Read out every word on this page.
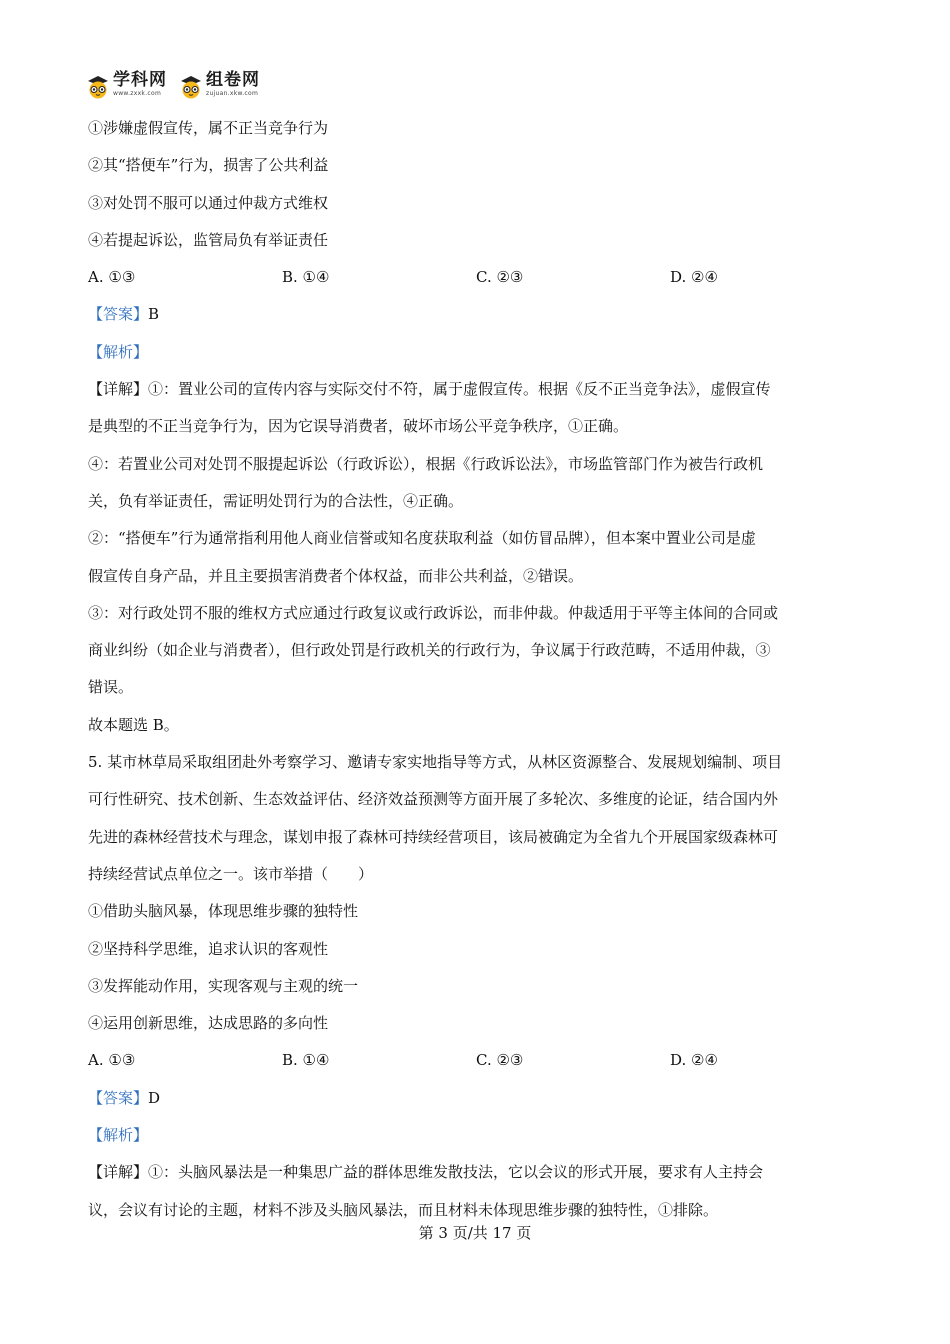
学科网
www.zxxk.com
组卷网
zujuan.xkw.com
①涉嫌虚假宣传，属不正当竞争行为
②其“搭便车”行为，损害了公共利益
③对处罚不服可以通过仲裁方式维权
④若提起诉讼，监管局负有举证责任
A. ①③	B. ①④	C. ②③	D. ②④
【答案】B
【解析】
【详解】①：置业公司的宣传内容与实际交付不符，属于虚假宣传。根据《反不正当竞争法》，虚假宣传
是典型的不正当竞争行为，因为它误导消费者，破坏市场公平竞争秩序，①正确。
④：若置业公司对处罚不服提起诉讼（行政诉讼），根据《行政诉讼法》，市场监管部门作为被告行政机
关，负有举证责任，需证明处罚行为的合法性，④正确。
②：“搭便车”行为通常指利用他人商业信誉或知名度获取利益（如仿冒品牌），但本案中置业公司是虚
假宣传自身产品，并且主要损害消费者个体权益，而非公共利益，②错误。
③：对行政处罚不服的维权方式应通过行政复议或行政诉讼，而非仲裁。仲裁适用于平等主体间的合同或
商业纠纷（如企业与消费者），但行政处罚是行政机关的行政行为，争议属于行政范畴，不适用仲裁，③
错误。
故本题选 B。
5. 某市林草局采取组团赴外考察学习、邀请专家实地指导等方式，从林区资源整合、发展规划编制、项目
可行性研究、技术创新、生态效益评估、经济效益预测等方面开展了多轮次、多维度的论证，结合国内外
先进的森林经营技术与理念，谋划申报了森林可持续经营项目，该局被确定为全省九个开展国家级森林可
持续经营试点单位之一。该市举措（　　）
①借助头脑风暴，体现思维步骤的独特性
②坚持科学思维，追求认识的客观性
③发挥能动作用，实现客观与主观的统一
④运用创新思维，达成思路的多向性
A. ①③	B. ①④	C. ②③	D. ②④
【答案】D
【解析】
【详解】①：头脑风暴法是一种集思广益的群体思维发散技法，它以会议的形式开展，要求有人主持会
议，会议有讨论的主题，材料不涉及头脑风暴法，而且材料未体现思维步骤的独特性，①排除。
第 3 页/共 17 页
